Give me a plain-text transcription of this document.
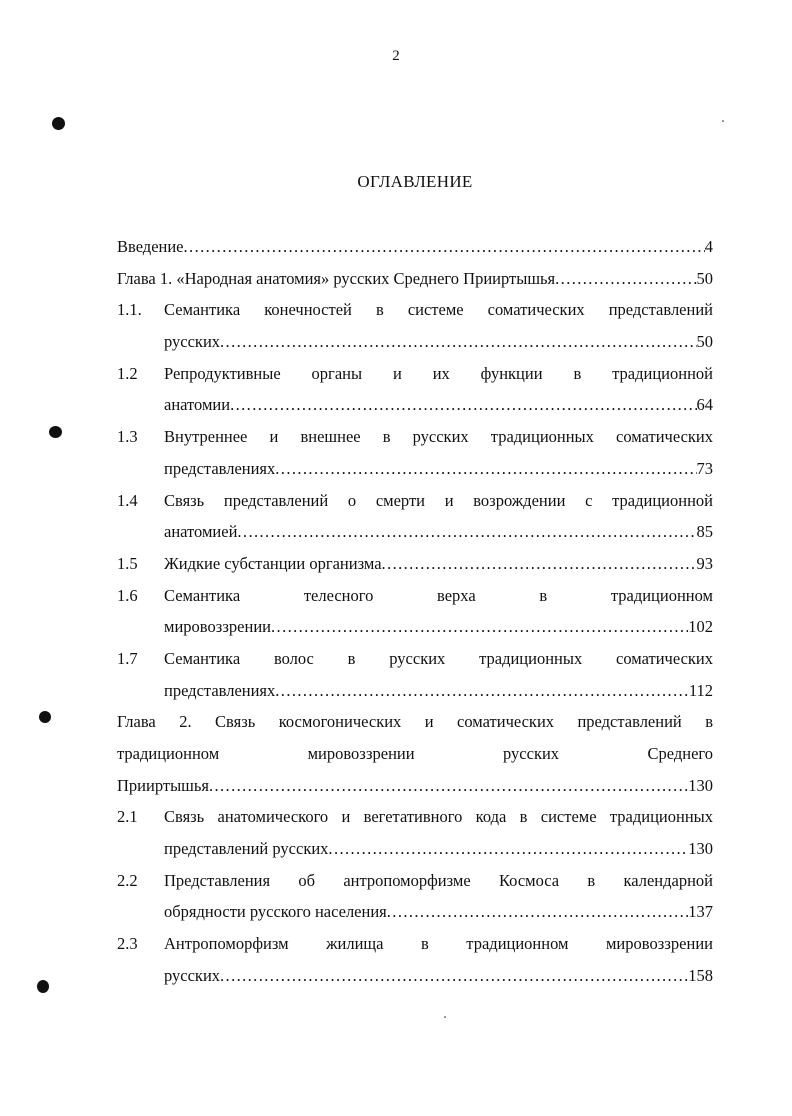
2
ОГЛАВЛЕНИЕ
Введение .....	4
Глава 1. «Народная анатомия» русских Среднего Прииртышья .....	50
1.1.	Семантика конечностей в системе соматических представлений
русских .....	50
1.2	Репродуктивные органы и их функции в традиционной
анатомии .....	64
1.3	Внутреннее и внешнее в русских традиционных соматических
представлениях .....	73
1.4	Связь представлений о смерти и возрождении с традиционной
анатомией .....	85
1.5	Жидкие субстанции организма .....	93
1.6	Семантика телесного верха в традиционном
мировоззрении .....	102
1.7	Семантика волос в русских традиционных соматических
представлениях .....	112
Глава 2. Связь космогонических и соматических представлений в
традиционном мировоззрении русских Среднего
Прииртышья .....	130
2.1	Связь анатомического и вегетативного кода в системе традиционных
представлений русских .....	130
2.2	Представления об антропоморфизме Космоса в календарной
обрядности русского населения .....	137
2.3	Антропоморфизм жилища в традиционном мировоззрении
русских .....	158
